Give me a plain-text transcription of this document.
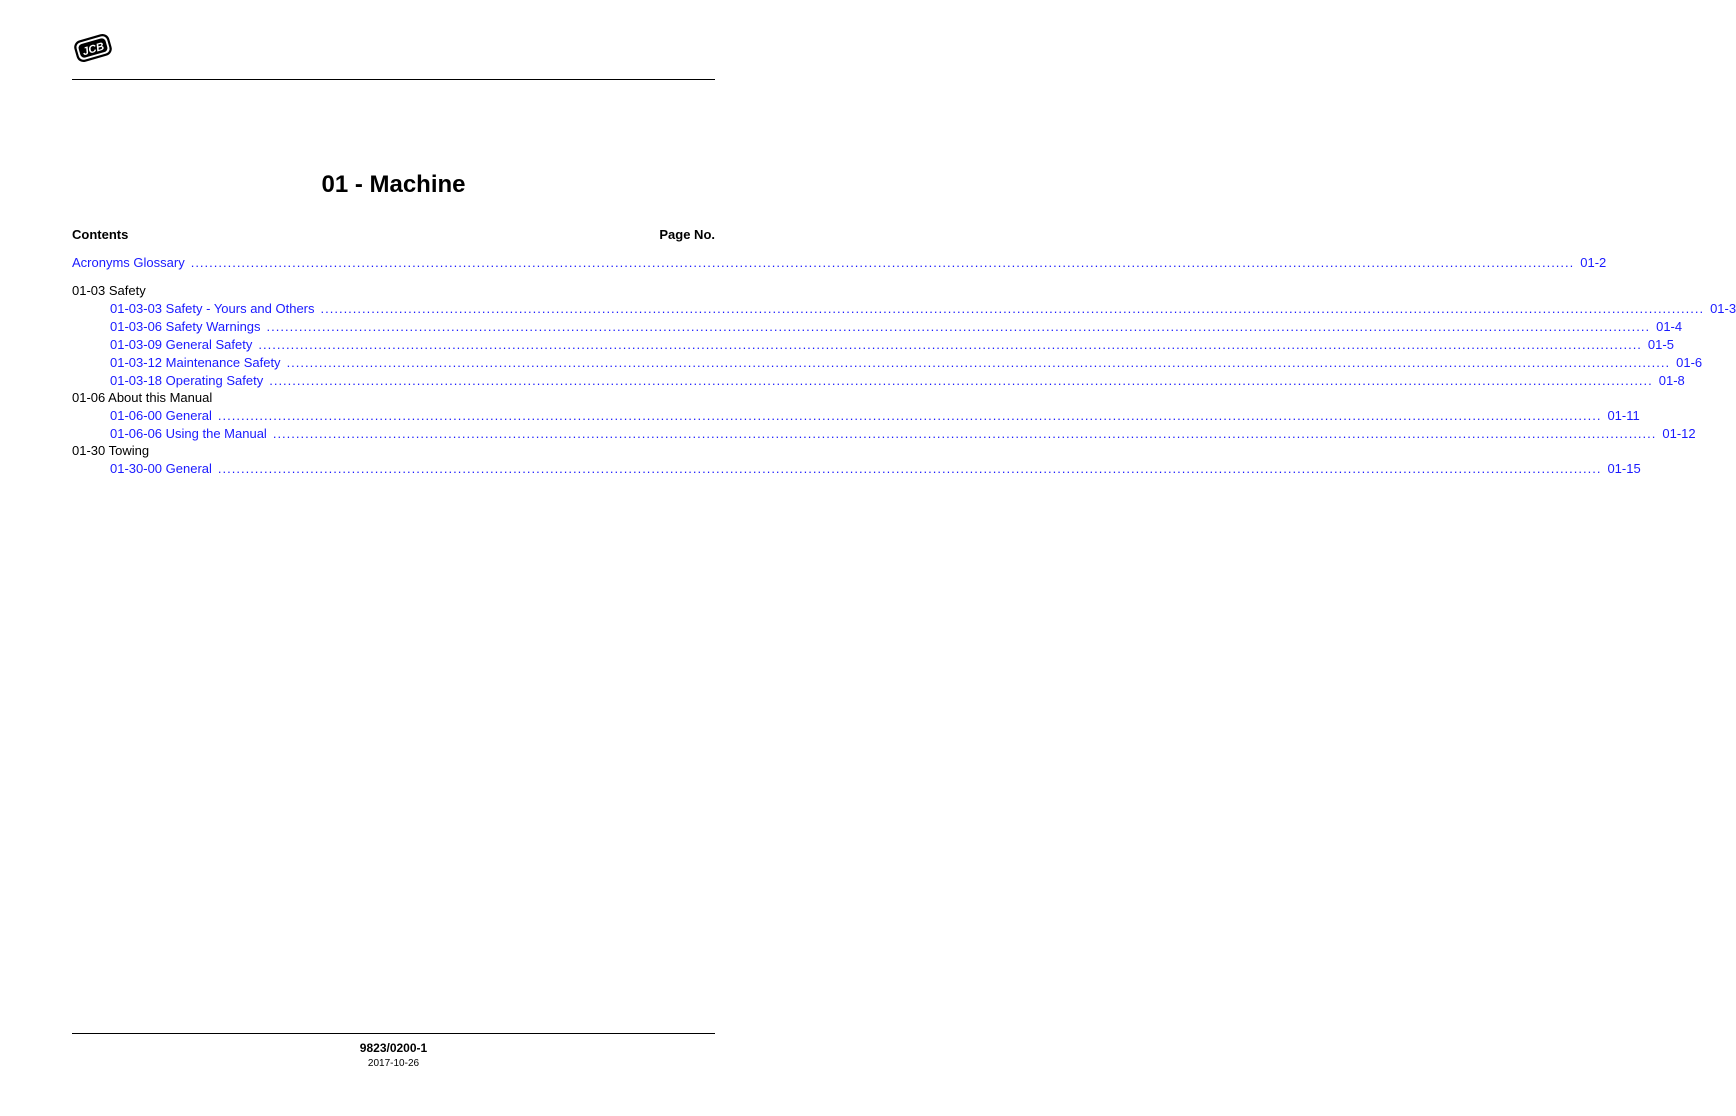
JCB
01 - Machine
Contents	Page No.
Acronyms Glossary ............................................................................................................................................................................................................................................................................................................ 01-2
01-03 Safety
01-03-03 Safety - Yours and Others ............................................................................................................................................................................................................................................................................................................ 01-3
01-03-06 Safety Warnings ............................................................................................................................................................................................................................................................................................................ 01-4
01-03-09 General Safety ............................................................................................................................................................................................................................................................................................................ 01-5
01-03-12 Maintenance Safety ............................................................................................................................................................................................................................................................................................................ 01-6
01-03-18 Operating Safety ............................................................................................................................................................................................................................................................................................................ 01-8
01-06 About this Manual
01-06-00 General ............................................................................................................................................................................................................................................................................................................ 01-11
01-06-06 Using the Manual ............................................................................................................................................................................................................................................................................................................ 01-12
01-30 Towing
01-30-00 General ............................................................................................................................................................................................................................................................................................................ 01-15
9823/0200-1
2017-10-26
